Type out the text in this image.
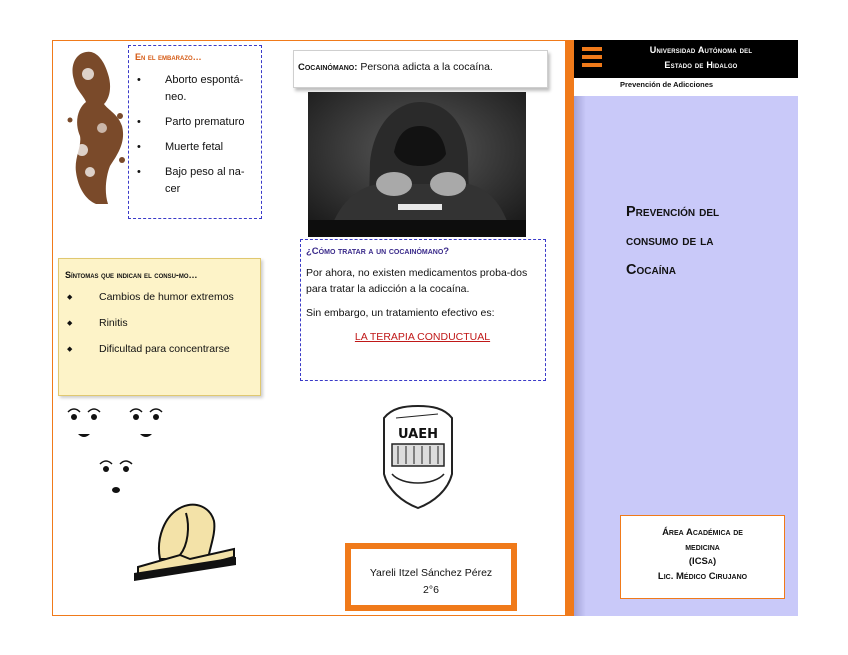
En el embarazo…
• Aborto espontá-neo.
• Parto prematuro
• Muerte fetal
• Bajo peso al na-cer
Cocainómano: Persona adicta a la cocaína.
¿Cómo tratar a un cocainómano?
Por ahora, no existen medicamentos proba-dos para tratar la adicción a la cocaína.
Sin embargo, un tratamiento efectivo es:
LA TERAPIA CONDUCTUAL
Síntomas que indican el consu-mo…
◆ Cambios de humor extremos
◆ Rinitis
◆ Dificultad para concentrarse
UAEH
Yareli Itzel Sánchez Pérez
2°6
Universidad Autónoma del
Estado de Hidalgo
Prevención de Adicciones
Prevención del
consumo de la
Cocaína
Área Académica de
medicina
(ICSa)
Lic. Médico Cirujano
